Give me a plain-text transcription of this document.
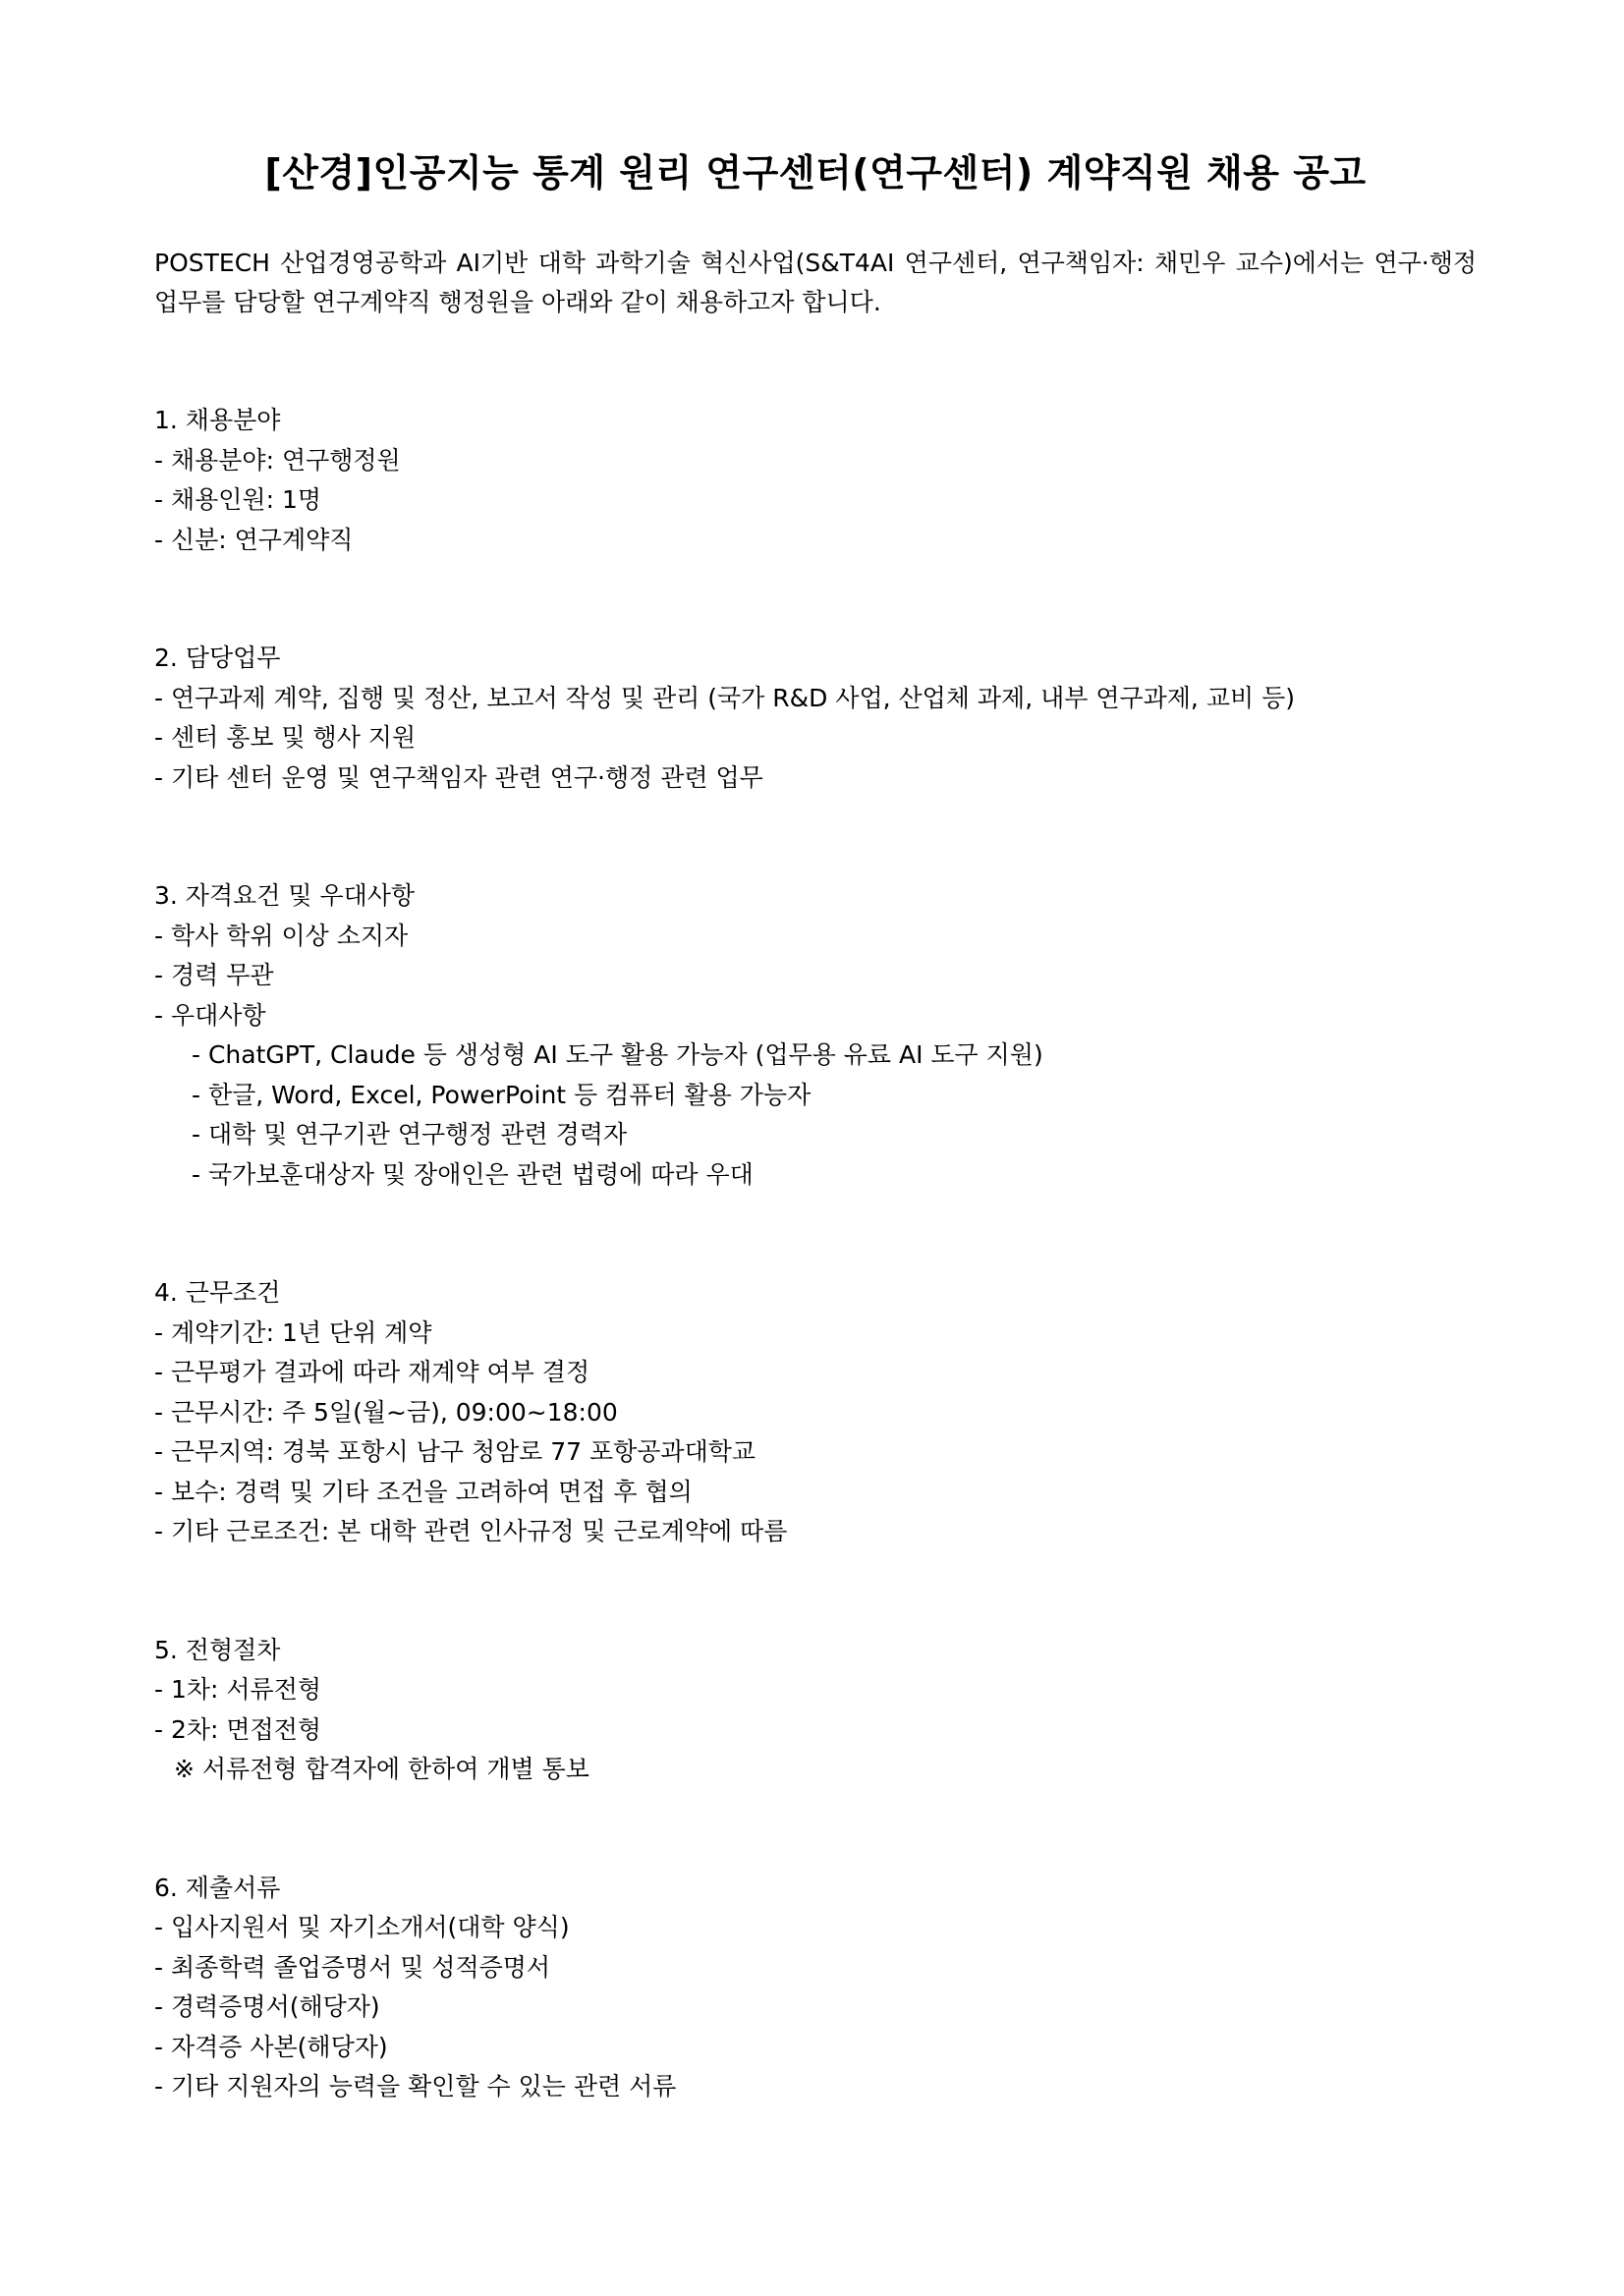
[산경]인공지능 통계 원리 연구센터(연구센터) 계약직원 채용 공고

POSTECH 산업경영공학과 AI기반 대학 과학기술 혁신사업(S&T4AI 연구센터, 연구책임자: 채민우 교수)에서는 연구·행정 업무를 담당할 연구계약직 행정원을 아래와 같이 채용하고자 합니다.

1. 채용분야

- 채용분야: 연구행정원

- 채용인원: 1명

- 신분: 연구계약직

2. 담당업무

- 연구과제 계약, 집행 및 정산, 보고서 작성 및 관리 (국가 R&D 사업, 산업체 과제, 내부 연구과제, 교비 등)

- 센터 홍보 및 행사 지원

- 기타 센터 운영 및 연구책임자 관련 연구·행정 관련 업무

3. 자격요건 및 우대사항

- 학사 학위 이상 소지자

- 경력 무관

- 우대사항

- ChatGPT, Claude 등 생성형 AI 도구 활용 가능자 (업무용 유료 AI 도구 지원)

- 한글, Word, Excel, PowerPoint 등 컴퓨터 활용 가능자

- 대학 및 연구기관 연구행정 관련 경력자

- 국가보훈대상자 및 장애인은 관련 법령에 따라 우대

4. 근무조건

- 계약기간: 1년 단위 계약

- 근무평가 결과에 따라 재계약 여부 결정

- 근무시간: 주 5일(월~금), 09:00~18:00

- 근무지역: 경북 포항시 남구 청암로 77 포항공과대학교

- 보수: 경력 및 기타 조건을 고려하여 면접 후 협의

- 기타 근로조건: 본 대학 관련 인사규정 및 근로계약에 따름

5. 전형절차

- 1차: 서류전형

- 2차: 면접전형

※ 서류전형 합격자에 한하여 개별 통보

6. 제출서류

- 입사지원서 및 자기소개서(대학 양식)

- 최종학력 졸업증명서 및 성적증명서

- 경력증명서(해당자)

- 자격증 사본(해당자)

- 기타 지원자의 능력을 확인할 수 있는 관련 서류
